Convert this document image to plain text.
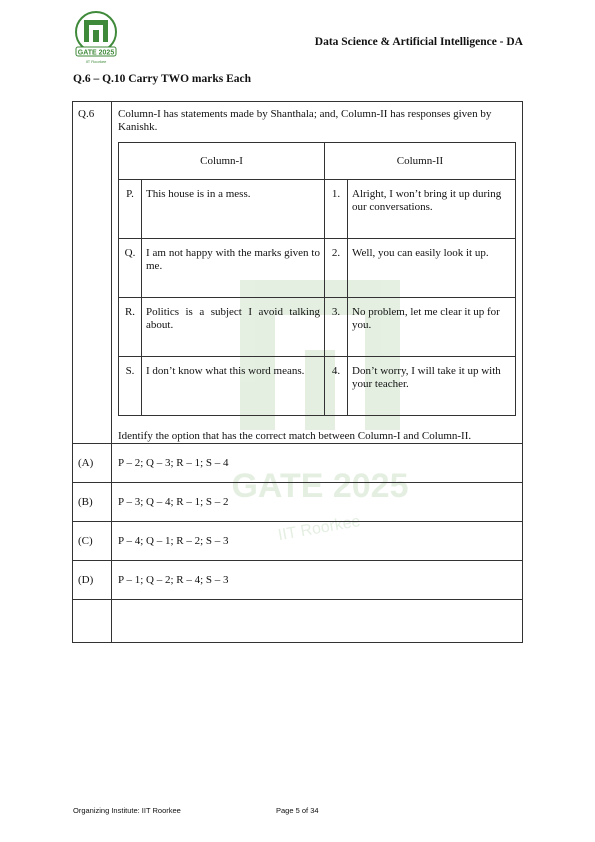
GATE 2025
IIT Roorkee
Data Science & Artificial Intelligence - DA
Q.6 – Q.10 Carry TWO marks Each
GATE 2025
IIT Roorkee
Q.6	Column-I has statements made by Shanthala; and, Column-II has responses given by Kanishk.

Column-I	Column-II
P.	This house is in a mess.	1.	Alright, I won’t bring it up during our conversations.
Q.	I am not happy with the marks given to me.	2.	Well, you can easily look it up.
R.	Politics is a subject I avoid talking about.	3.	No problem, let me clear it up for you.
S.	I don’t know what this word means.	4.	Don’t worry, I will take it up with your teacher.

Identify the option that has the correct match between Column-I and Column-II.

(A)	P – 2; Q – 3; R – 1; S – 4
(B)	P – 3; Q – 4; R – 1; S – 2
(C)	P – 4; Q – 1; R – 2; S – 3
(D)	P – 1; Q – 2; R – 4; S – 3

Organizing Institute: IIT Roorkee	Page 5 of 34
